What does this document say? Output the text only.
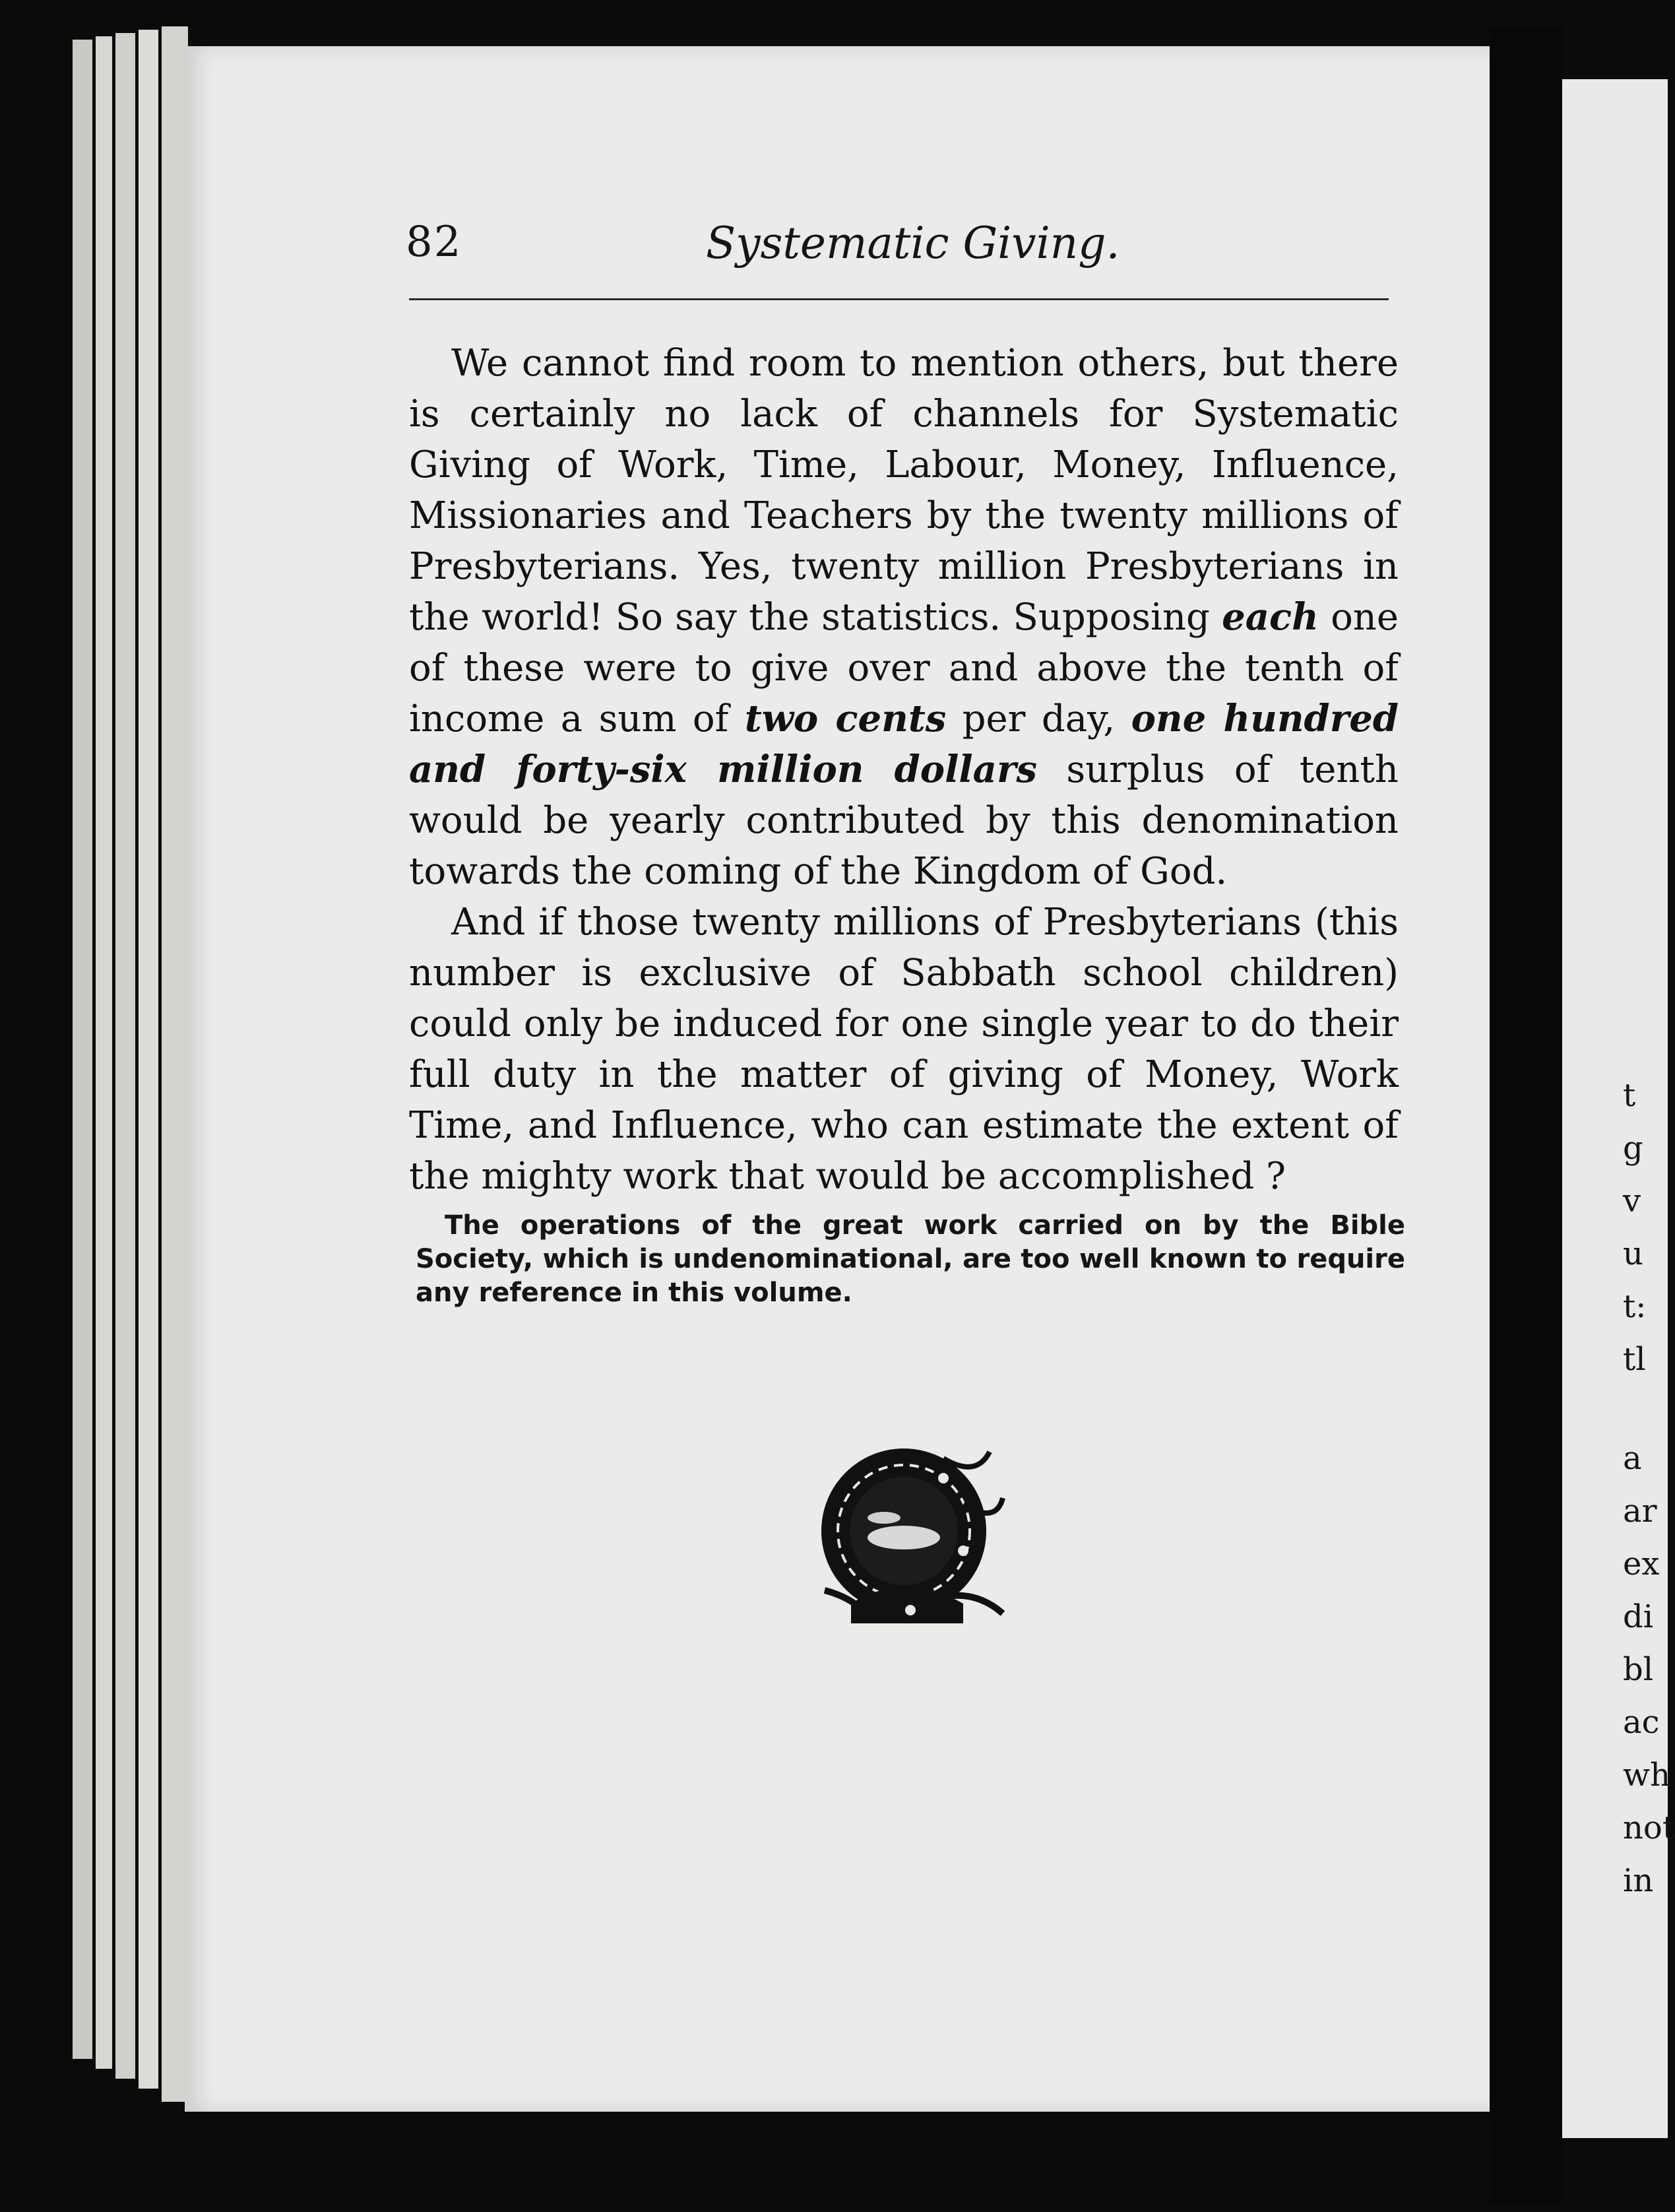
82	Systematic Giving.

We cannot find room to mention others, but there is certainly no lack of channels for Systematic Giving of Work, Time, Labour, Money, Influence, Missionaries and Teachers by the twenty millions of Presbyterians. Yes, twenty million Presbyterians in the world! So say the statistics. Supposing each one of these were to give over and above the tenth of income a sum of two cents per day, one hundred and forty-six million dollars surplus of tenth would be yearly contributed by this denomination towards the coming of the Kingdom of God.

And if those twenty millions of Presbyterians (this number is exclusive of Sabbath school children) could only be induced for one single year to do their full duty in the matter of giving of Money, Work Time, and Influence, who can estimate the extent of the mighty work that would be accomplished ?

The operations of the great work carried on by the Bible Society, which is undenominational, are too well known to require any reference in this volume.
t
g
v
u
t:
tl
a
ar
ex
di
bl
ac
wh
not
in
